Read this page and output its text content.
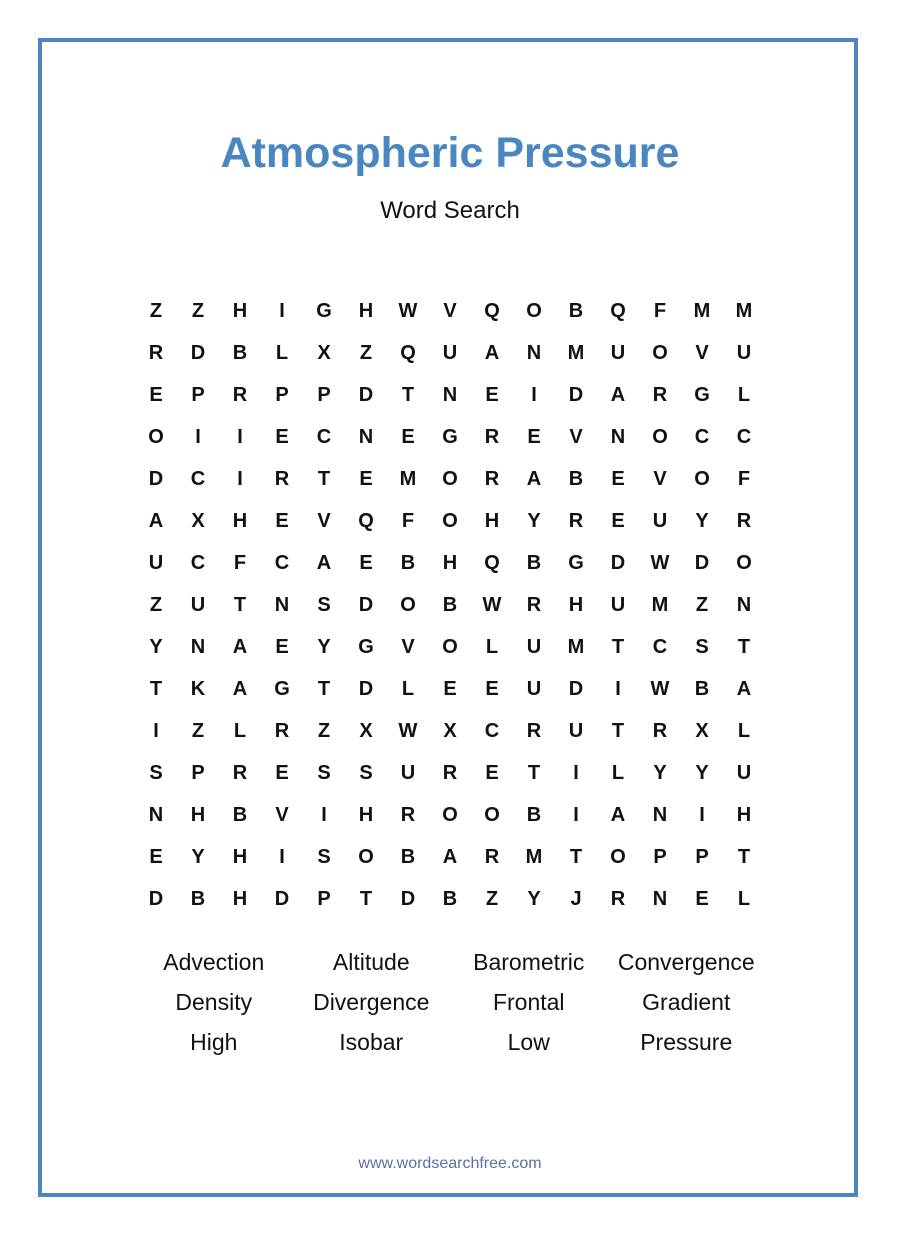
Atmospheric Pressure
Word Search
Z	Z	H	I	G	H	W	V	Q	O	B	Q	F	M	M
R	D	B	L	X	Z	Q	U	A	N	M	U	O	V	U
E	P	R	P	P	D	T	N	E	I	D	A	R	G	L
O	I	I	E	C	N	E	G	R	E	V	N	O	C	C
D	C	I	R	T	E	M	O	R	A	B	E	V	O	F
A	X	H	E	V	Q	F	O	H	Y	R	E	U	Y	R
U	C	F	C	A	E	B	H	Q	B	G	D	W	D	O
Z	U	T	N	S	D	O	B	W	R	H	U	M	Z	N
Y	N	A	E	Y	G	V	O	L	U	M	T	C	S	T
T	K	A	G	T	D	L	E	E	U	D	I	W	B	A
I	Z	L	R	Z	X	W	X	C	R	U	T	R	X	L
S	P	R	E	S	S	U	R	E	T	I	L	Y	Y	U
N	H	B	V	I	H	R	O	O	B	I	A	N	I	H
E	Y	H	I	S	O	B	A	R	M	T	O	P	P	T
D	B	H	D	P	T	D	B	Z	Y	J	R	N	E	L
Advection	Altitude	Barometric	Convergence
Density	Divergence	Frontal	Gradient
High	Isobar	Low	Pressure
www.wordsearchfree.com
